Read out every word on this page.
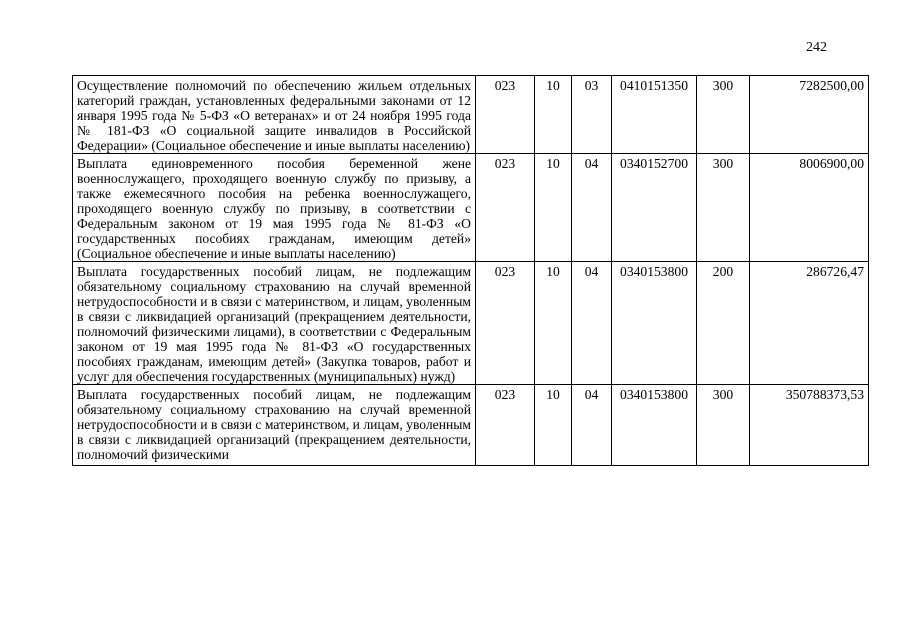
242
Осуществление полномочий по обеспечению жильем отдельных категорий граждан, установленных федеральными законами от 12 января 1995 года № 5-ФЗ «О ветеранах» и от 24 ноября 1995 года № 181-ФЗ «О социальной защите инвалидов в Российской Федерации» (Социальное обеспечение и иные выплаты населению)	023	10	03	0410151350	300	7282500,00
Выплата единовременного пособия беременной жене военнослужащего, проходящего военную службу по призыву, а также ежемесячного пособия на ребенка военнослужащего, проходящего военную службу по призыву, в соответствии с Федеральным законом от 19 мая 1995 года № 81-ФЗ «О государственных пособиях гражданам, имеющим детей» (Социальное обеспечение и иные выплаты населению)	023	10	04	0340152700	300	8006900,00
Выплата государственных пособий лицам, не подлежащим обязательному социальному страхованию на случай временной нетрудоспособности и в связи с материнством, и лицам, уволенным в связи с ликвидацией организаций (прекращением деятельности, полномочий физическими лицами), в соответствии с Федеральным законом от 19 мая 1995 года № 81-ФЗ «О государственных пособиях гражданам, имеющим детей» (Закупка товаров, работ и услуг для обеспечения государственных (муниципальных) нужд)	023	10	04	0340153800	200	286726,47

Выплата государственных пособий лицам, не подлежащим обязательному социальному страхованию на случай временной нетрудоспособности и в связи с материнством, и лицам, уволенным в связи с ликвидацией организаций (прекращением деятельности, полномочий физическими	023	10	04	0340153800	300	350788373,53
